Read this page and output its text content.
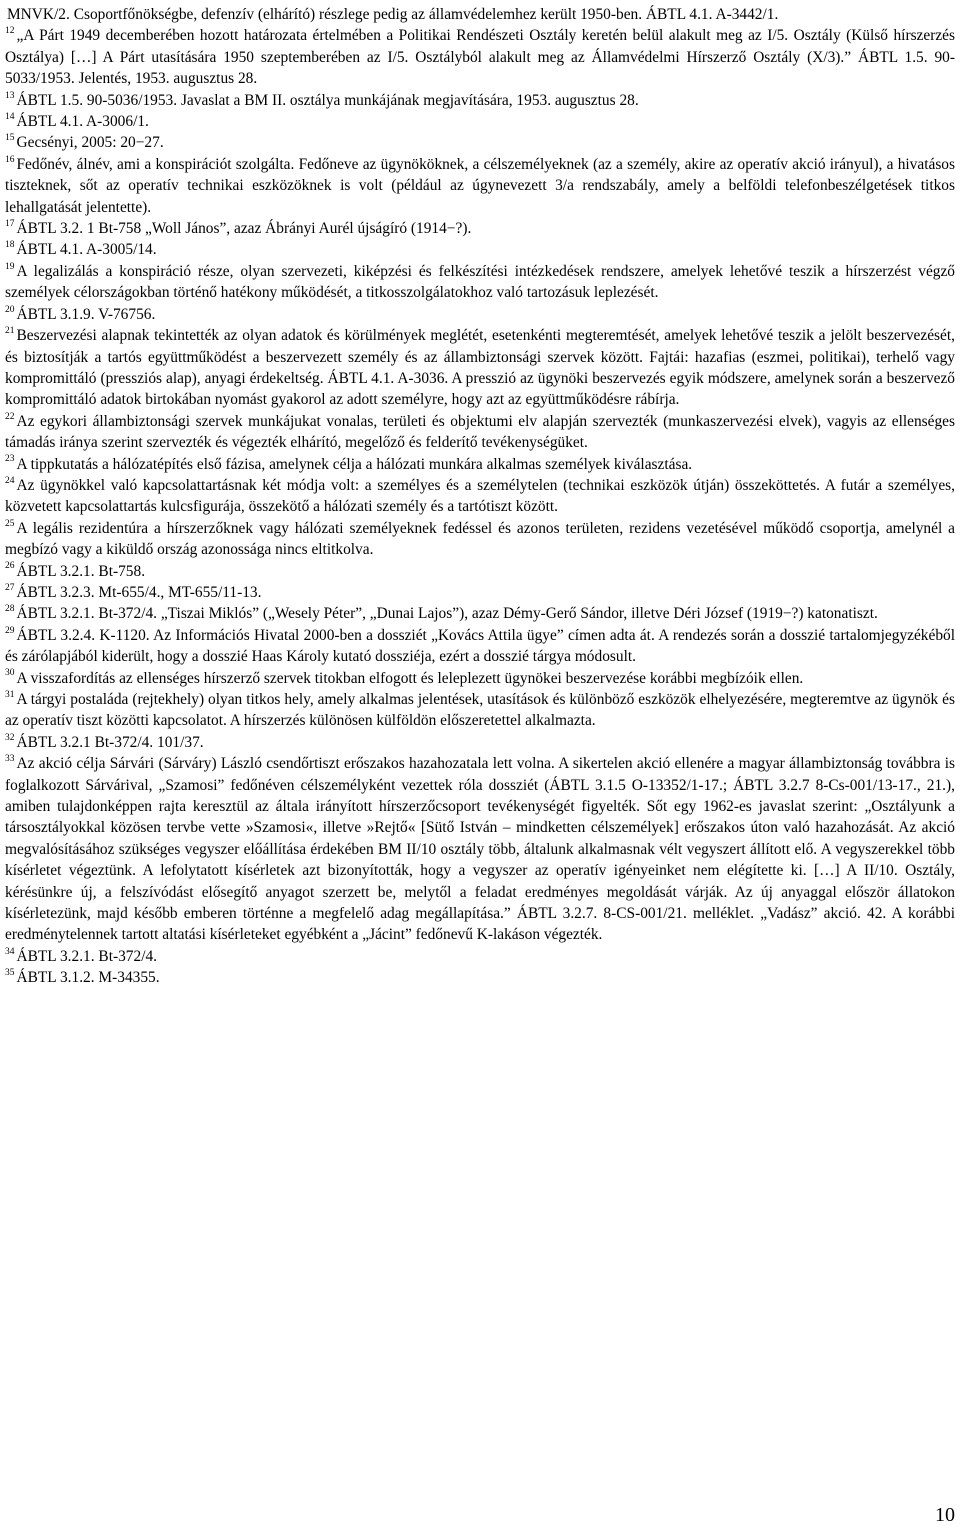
MNVK/2. Csoportfőnökségbe, defenzív (elhárító) részlege pedig az államvédelemhez került 1950-ben. ÁBTL 4.1. A-3442/1.

$^{12}$ „A Párt 1949 decemberében hozott határozata értelmében a Politikai Rendészeti Osztály keretén belül alakult meg az I/5. Osztály (Külső hírszerzés Osztálya) […] A Párt utasítására 1950 szeptemberében az I/5. Osztályból alakult meg az Államvédelmi Hírszerző Osztály (X/3).” ÁBTL 1.5. 90-5033/1953. Jelentés, 1953. augusztus 28.

$^{13}$ ÁBTL 1.5. 90-5036/1953. Javaslat a BM II. osztálya munkájának megjavítására, 1953. augusztus 28.

$^{14}$ ÁBTL 4.1. A-3006/1.

$^{15}$ Gecsényi, 2005: 20−27.

$^{16}$ Fedőnév, álnév, ami a konspirációt szolgálta. Fedőneve az ügynököknek, a célszemélyeknek (az a személy, akire az operatív akció irányul), a hivatásos tiszteknek, sőt az operatív technikai eszközöknek is volt (például az úgynevezett 3/a rendszabály, amely a belföldi telefonbeszélgetések titkos lehallgatását jelentette).

$^{17}$ ÁBTL 3.2. 1 Bt-758 „Woll János”, azaz Ábrányi Aurél újságíró (1914−?).

$^{18}$ ÁBTL 4.1. A-3005/14.

$^{19}$ A legalizálás a konspiráció része, olyan szervezeti, kiképzési és felkészítési intézkedések rendszere, amelyek lehetővé teszik a hírszerzést végző személyek célországokban történő hatékony működését, a titkosszolgálatokhoz való tartozásuk leplezését.

$^{20}$ ÁBTL 3.1.9. V-76756.

$^{21}$ Beszervezési alapnak tekintették az olyan adatok és körülmények meglétét, esetenkénti megteremtését, amelyek lehetővé teszik a jelölt beszervezését, és biztosítják a tartós együttműködést a beszervezett személy és az állambiztonsági szervek között. Fajtái: hazafias (eszmei, politikai), terhelő vagy kompromittáló (pressziós alap), anyagi érdekeltség. ÁBTL 4.1. A-3036. A presszió az ügynöki beszervezés egyik módszere, amelynek során a beszervező kompromittáló adatok birtokában nyomást gyakorol az adott személyre, hogy azt az együttműködésre rábírja.

$^{22}$ Az egykori állambiztonsági szervek munkájukat vonalas, területi és objektumi elv alapján szervezték (munkaszervezési elvek), vagyis az ellenséges támadás iránya szerint szervezték és végezték elhárító, megelőző és felderítő tevékenységüket.

$^{23}$ A tippkutatás a hálózatépítés első fázisa, amelynek célja a hálózati munkára alkalmas személyek kiválasztása.

$^{24}$ Az ügynökkel való kapcsolattartásnak két módja volt: a személyes és a személytelen (technikai eszközök útján) összeköttetés. A futár a személyes, közvetett kapcsolattartás kulcsfigurája, összekötő a hálózati személy és a tartótiszt között.

$^{25}$ A legális rezidentúra a hírszerzőknek vagy hálózati személyeknek fedéssel és azonos területen, rezidens vezetésével működő csoportja, amelynél a megbízó vagy a kiküldő ország azonossága nincs eltitkolva.

$^{26}$ ÁBTL 3.2.1. Bt-758.

$^{27}$ ÁBTL 3.2.3. Mt-655/4., MT-655/11-13.

$^{28}$ ÁBTL 3.2.1. Bt-372/4. „Tiszai Miklós” („Wesely Péter”, „Dunai Lajos”), azaz Démy-Gerő Sándor, illetve Déri József (1919−?) katonatiszt.

$^{29}$ ÁBTL 3.2.4. K-1120. Az Információs Hivatal 2000-ben a dossziét „Kovács Attila ügye” címen adta át. A rendezés során a dosszié tartalomjegyzékéből és zárólapjából kiderült, hogy a dosszié Haas Károly kutató dossziéja, ezért a dosszié tárgya módosult.

$^{30}$ A visszafordítás az ellenséges hírszerző szervek titokban elfogott és leleplezett ügynökei beszervezése korábbi megbízóik ellen.

$^{31}$ A tárgyi postaláda (rejtekhely) olyan titkos hely, amely alkalmas jelentések, utasítások és különböző eszközök elhelyezésére, megteremtve az ügynök és az operatív tiszt közötti kapcsolatot. A hírszerzés különösen külföldön előszeretettel alkalmazta.

$^{32}$ ÁBTL 3.2.1 Bt-372/4. 101/37.

$^{33}$ Az akció célja Sárvári (Sárváry) László csendőrtiszt erőszakos hazahozatala lett volna. A sikertelen akció ellenére a magyar állambiztonság továbbra is foglalkozott Sárvárival, „Szamosi” fedőnéven célszemélyként vezettek róla dossziét (ÁBTL 3.1.5 O-13352/1-17.; ÁBTL 3.2.7 8-Cs-001/13-17., 21.), amiben tulajdonképpen rajta keresztül az általa irányított hírszerzőcsoport tevékenységét figyelték. Sőt egy 1962-es javaslat szerint: „Osztályunk a társosztályokkal közösen tervbe vette »Szamosi«, illetve »Rejtő« [Sütő István – mindketten célszemélyek] erőszakos úton való hazahozását. Az akció megvalósításához szükséges vegyszer előállítása érdekében BM II/10 osztály több, általunk alkalmasnak vélt vegyszert állított elő. A vegyszerekkel több kísérletet végeztünk. A lefolytatott kísérletek azt bizonyították, hogy a vegyszer az operatív igényeinket nem elégítette ki. […] A II/10. Osztály, kérésünkre új, a felszívódást elősegítő anyagot szerzett be, melytől a feladat eredményes megoldását várják. Az új anyaggal először állatokon kísérletezünk, majd később emberen történne a megfelelő adag megállapítása.” ÁBTL 3.2.7. 8-CS-001/21. melléklet. „Vadász” akció. 42. A korábbi eredménytelennek tartott altatási kísérleteket egyébként a „Jácint” fedőnevű K-lakáson végezték.

$^{34}$ ÁBTL 3.2.1. Bt-372/4.

$^{35}$ ÁBTL 3.1.2. M-34355.

10
